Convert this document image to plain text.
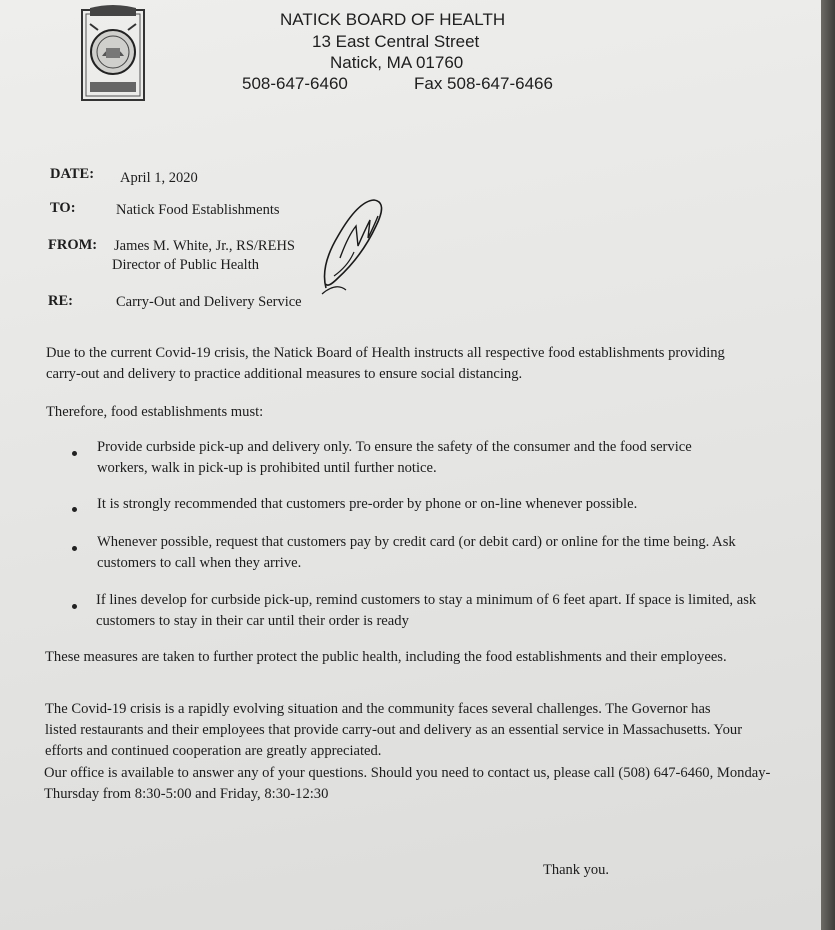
NATICK BOARD OF HEALTH
13 East Central Street
Natick, MA 01760
508-647-6460	Fax 508-647-6466
DATE: April 1, 2020
TO:	Natick Food Establishments
FROM: James M. White, Jr., RS/REHS
Director of Public Health
RE:	Carry-Out and Delivery Service
Due to the current Covid-19 crisis, the Natick Board of Health instructs all respective food establishments providing carry-out and delivery to practice additional measures to ensure social distancing.
Therefore, food establishments must:
Provide curbside pick-up and delivery only. To ensure the safety of the consumer and the food service workers, walk in pick-up is prohibited until further notice.
It is strongly recommended that customers pre-order by phone or on-line whenever possible.
Whenever possible, request that customers pay by credit card (or debit card) or online for the time being. Ask customers to call when they arrive.
If lines develop for curbside pick-up, remind customers to stay a minimum of 6 feet apart. If space is limited, ask customers to stay in their car until their order is ready
These measures are taken to further protect the public health, including the food establishments and their employees.
The Covid-19 crisis is a rapidly evolving situation and the community faces several challenges. The Governor has listed restaurants and their employees that provide carry-out and delivery as an essential service in Massachusetts. Your efforts and continued cooperation are greatly appreciated.
Our office is available to answer any of your questions. Should you need to contact us, please call (508) 647-6460, Monday-Thursday from 8:30-5:00 and Friday, 8:30-12:30
Thank you.
